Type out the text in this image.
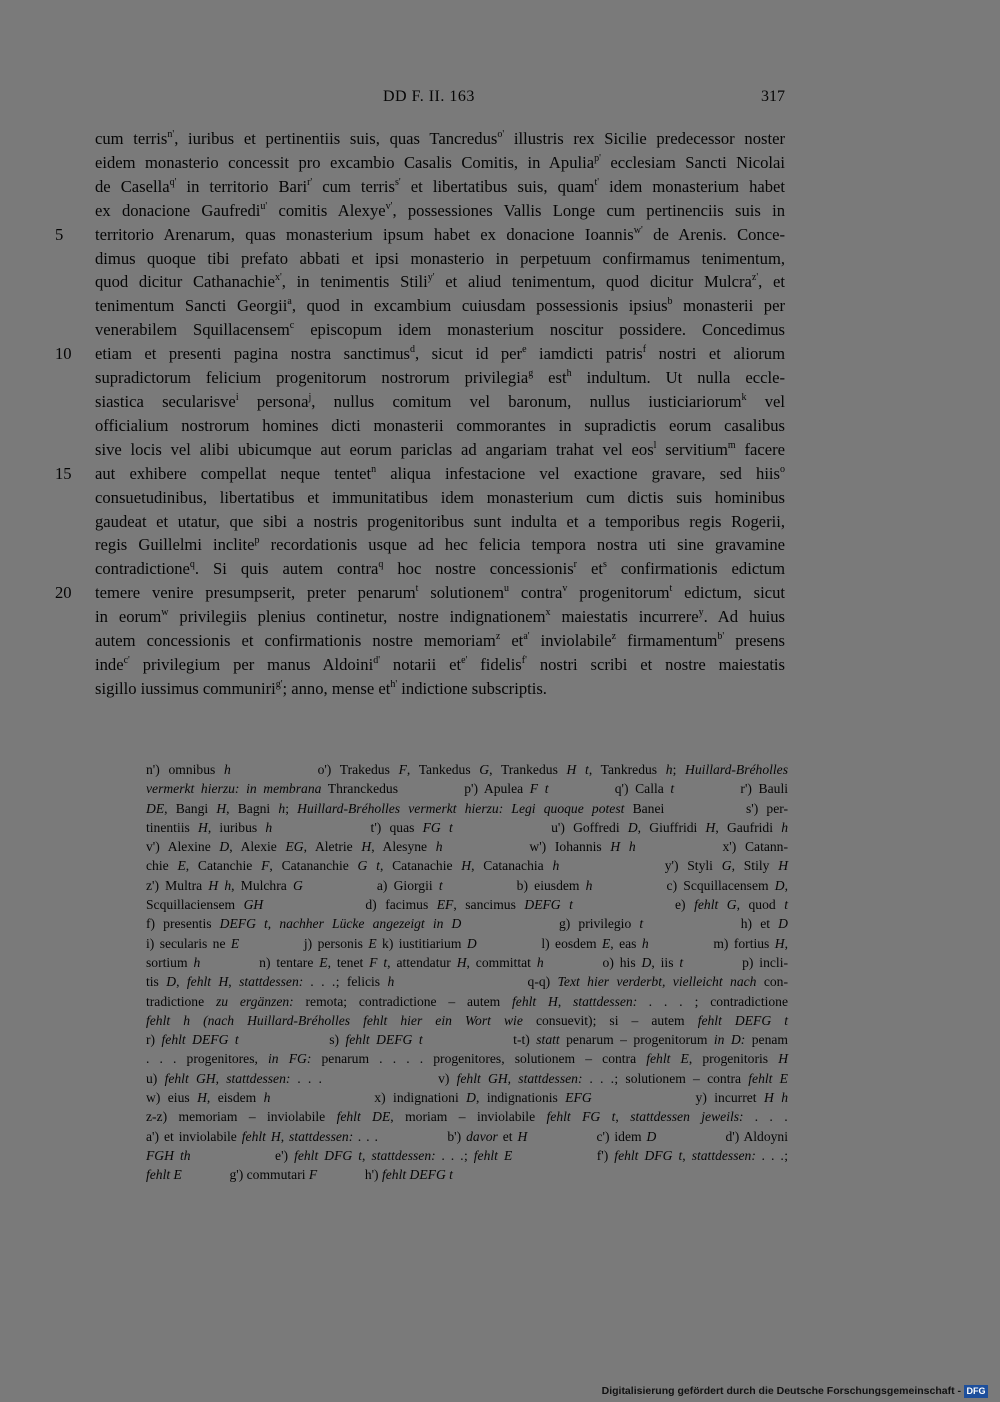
DD F. II. 163	317
cum terris$^{n'}$, iuribus et pertinentiis suis, quas Tancredus$^{o'}$ illustris rex Sicilie predecessor noster
eidem monasterio concessit pro excambio Casalis Comitis, in Apulia$^{p'}$ ecclesiam Sancti Nicolai
de Casella$^{q'}$ in territorio Bari$^{r'}$ cum terris$^{s'}$ et libertatibus suis, quam$^{t'}$ idem monasterium habet
ex donacione Gaufredi$^{u'}$ comitis Alexye$^{v'}$, possessiones Vallis Longe cum pertinenciis suis in
5	territorio Arenarum, quas monasterium ipsum habet ex donacione Ioannis$^{w'}$ de Arenis. Conce-
dimus quoque tibi prefato abbati et ipsi monasterio in perpetuum confirmamus tenimentum,
quod dicitur Cathanachie$^{x'}$, in tenimentis Stili$^{y'}$ et aliud tenimentum, quod dicitur Mulcra$^{z'}$, et
tenimentum Sancti Georgii$^a$, quod in excambium cuiusdam possessionis ipsius$^b$ monasterii per
venerabilem Squillacensem$^c$ episcopum idem monasterium noscitur possidere. Concedimus
10 etiam et presenti pagina nostra sanctimus$^d$, sicut id per$^e$ iamdicti patris$^f$ nostri et aliorum
supradictorum felicium progenitorum nostrorum privilegia$^g$ est$^h$ indultum. Ut nulla eccle-
siastica secularisve$^i$ persona$^j$, nullus comitum vel baronum, nullus iusticiariorum$^k$ vel
officialium nostrorum homines dicti monasterii commorantes in supradictis eorum casalibus
sive locis vel alibi ubicumque aut eorum pariclas ad angariam trahat vel eos$^l$ servitium$^m$ facere
15 aut exhibere compellat neque tentet$^n$ aliqua infestacione vel exactione gravare, sed hiis$^o$
consuetudinibus, libertatibus et immunitatibus idem monasterium cum dictis suis hominibus
gaudeat et utatur, que sibi a nostris progenitoribus sunt indulta et a temporibus regis Rogerii,
regis Guillelmi inclite$^p$ recordationis usque ad hec felicia tempora nostra uti sine gravamine
contradictione$^q$. Si quis autem contra$^q$ hoc nostre concessionis$^r$ $et^s$ confirmationis edictum
20 temere venire presumpserit, preter penarum$^t$ solutionem$^u$ contra$^v$ progenitorum$^t$ edictum, sicut
in eorum$^w$ privilegiis plenius continetur, nostre indignationem$^x$ maiestatis incurrere$^y$. Ad huius
autem concessionis et confirmationis nostre memoriam$^z$ $et^{a'}$ inviolabile$^z$ firmamentum$^{b'}$ presens
inde$^{c'}$ privilegium per manus Aldoini$^{d'}$ notarii $et^{e'}$ fidelis$^{f'}$ nostri scribi et nostre maiestatis
sigillo iussimus communiri$^{g'}$; anno, mense $et^{h'}$ indictione subscriptis.
n') omnibus h          o') Trakedus F, Tankedus G, Trankedus H t, Tankredus h; Huillard-Bréholles
vermerkt hierzu: in membrana Thranckedus          p') Apulea F t          q') Calla t          r') Bauli
DE, Bangi H, Bagni h; Huillard-Bréholles vermerkt hierzu: Legi quoque potest Banei          s') per-
tinentiis H, iuribus h            t') quas FG t            u') Goffredi D, Giuffridi H, Gaufridi h
v') Alexine D, Alexie EG, Aletrie H, Alesyne h          w') Iohannis H h          x') Catann-
chie E, Catanchie F, Catananchie G t, Catanachie H, Catanachia h            y') Styli G, Stily H
z') Multra H h, Mulchra G            a) Giorgii t            b) eiusdem h            c) Scquillacensem D,
Scquillaciensem GH            d) facimus EF, sancimus DEFG t            e) fehlt G, quod t
f) presentis DEFG t, nachher Lücke angezeigt in D            g) privilegio t            h) et D
i) secularis ne E            j) personis E k) iustitiarium D            l) eosdem E, eas h            m) fortius H,
sortium h          n) tentare E, tenet F t, attendatur H, committat h          o) his D, iis t          p) incli-
tis D, fehlt H, stattdessen: . . .; felicis h                  q-q) Text hier verderbt, vielleicht nach con-
tradictione zu ergänzen: remota; contradictione – autem fehlt H, stattdessen: . . . ; contradictione
fehlt h (nach Huillard-Bréholles fehlt hier ein Wort wie consuevit); si – autem fehlt DEFG t
r) fehlt DEFG t              s) fehlt DEFG t              t-t) statt penarum – progenitorum in D: penam
. . . progenitores, in FG: penarum . . . . progenitores, solutionem – contra fehlt E, progenitoris H
u) fehlt GH, stattdessen: . . .                v) fehlt GH, stattdessen: . . .; solutionem – contra fehlt E
w) eius H, eisdem h              x) indignationi D, indignationis EFG              y) incurret H h
z-z) memoriam – inviolabile fehlt DE, moriam – inviolabile fehlt FG t, stattdessen jeweils: . . .
a') et inviolabile fehlt H, stattdessen: . . .              b') davor et H              c') idem D              d') Aldoyni
FGH th              e') fehlt DFG t, stattdessen: . . .; fehlt E              f') fehlt DFG t, stattdessen: . . .;
fehlt E              g') commutari F              h') fehlt DEFG t
Digitalisierung gefördert durch die Deutsche Forschungsgemeinschaft - DFG
